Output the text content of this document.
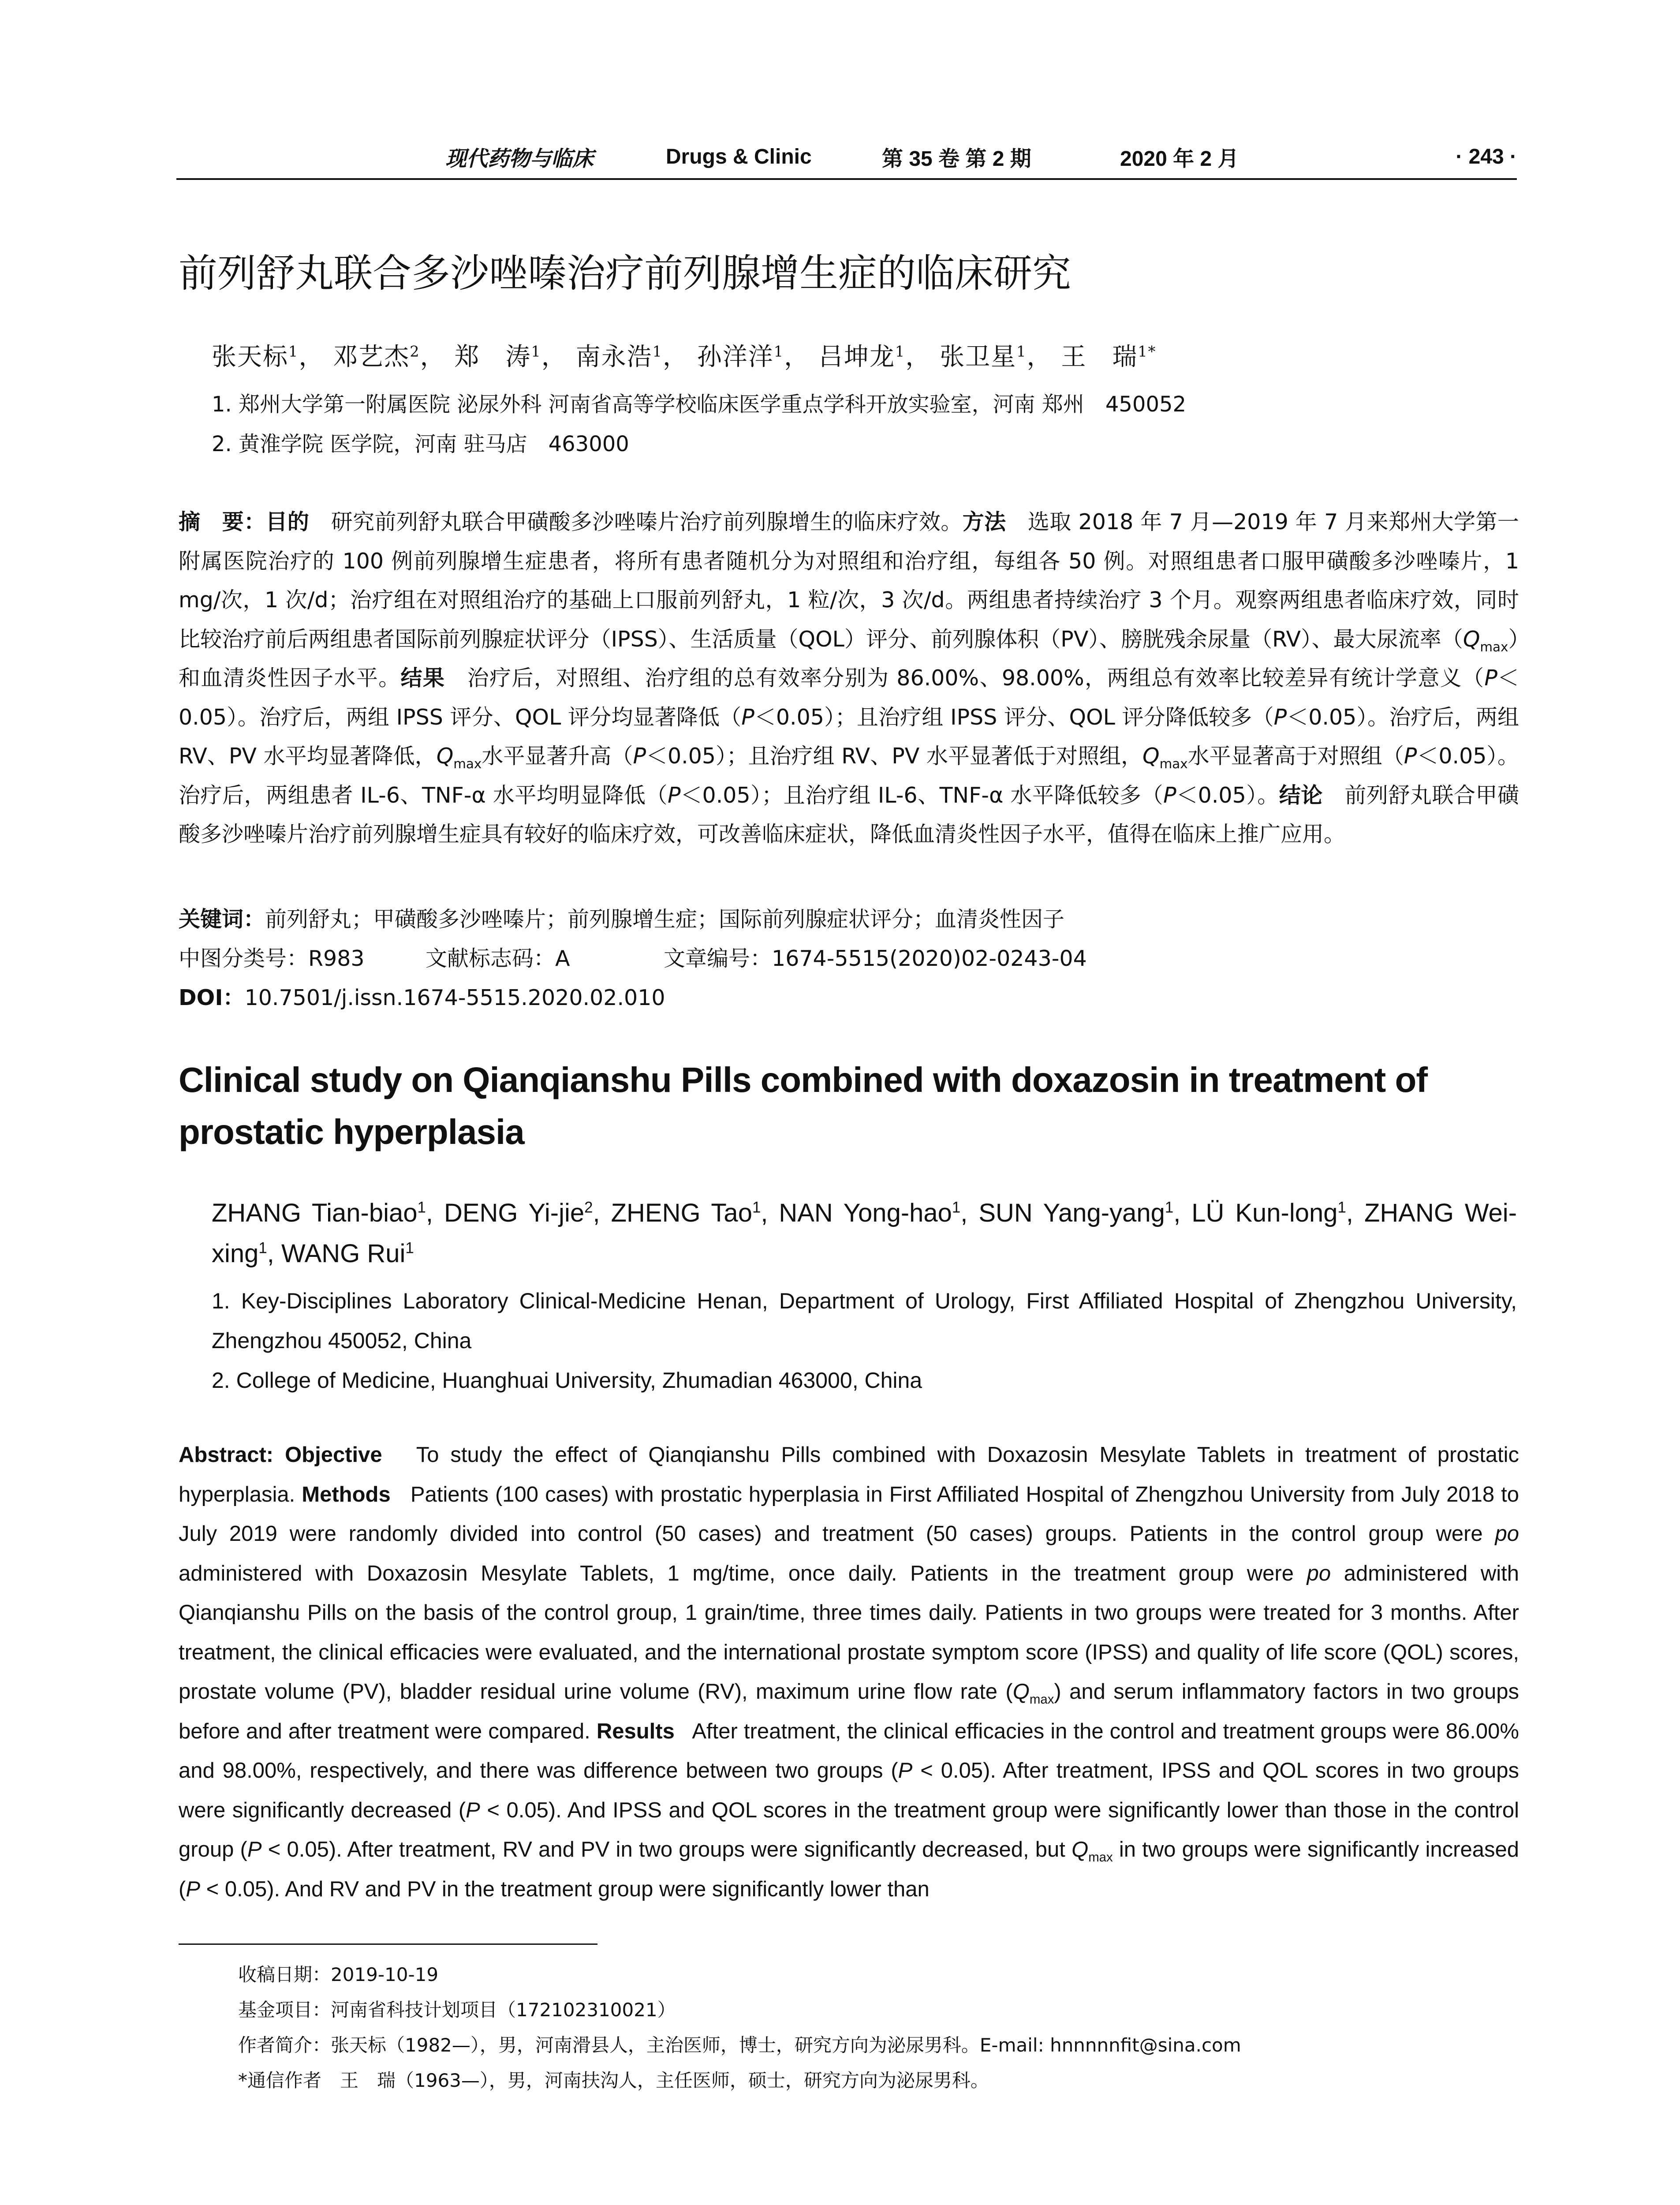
现代药物与临床	Drugs & Clinic	第 35 卷 第 2 期	2020 年 2 月	· 243 ·
前列舒丸联合多沙唑嗪治疗前列腺增生症的临床研究
张天标$^1$， 邓艺杰$^2$， 郑　涛$^1$， 南永浩$^1$， 孙洋洋$^1$， 吕坤龙$^1$， 张卫星$^1$， 王　瑞$^{1*}$
1. 郑州大学第一附属医院 泌尿外科 河南省高等学校临床医学重点学科开放实验室，河南 郑州　450052
2. 黄淮学院 医学院，河南 驻马店　463000
摘　要：目的　 研究前列舒丸联合甲磺酸多沙唑嗪片治疗前列腺增生的临床疗效。方法　 选取 2018 年 7 月—2019 年 7 月来郑州大学第一附属医院治疗的 100 例前列腺增生症患者，将所有患者随机分为对照组和治疗组，每组各 50 例。对照组患者口服甲磺酸多沙唑嗪片，1 mg/次，1 次/d；治疗组在对照组治疗的基础上口服前列舒丸，1 粒/次，3 次/d。两组患者持续治疗 3 个月。观察两组患者临床疗效，同时比较治疗前后两组患者国际前列腺症状评分（IPSS）、生活质量（QOL）评分、前列腺体积（PV）、膀胱残余尿量（RV）、最大尿流率$(Q_{max})$和血清炎性因子水平。结果　 治疗后，对照组、治疗组的总有效率分别为 86.00%、98.00%，两组总有效率比较差异有统计学意义（P＜0.05）。治疗后，两组 IPSS 评分、QOL 评分均显著降低（P＜0.05）；且治疗组 IPSS 评分、QOL 评分降低较多（P＜0.05）。治疗后，两组 RV、PV 水平均显著降低，$Q_{max}$水平显著升高（P＜0.05）；且治疗组 RV、PV 水平显著低于对照组，$Q_{max}$水平显著高于对照组（P＜0.05）。治疗后，两组患者 IL-6、TNF-α 水平均明显降低（P＜0.05）；且治疗组 IL-6、TNF-α 水平降低较多（P＜0.05）。结论　 前列舒丸联合甲磺酸多沙唑嗪片治疗前列腺增生症具有较好的临床疗效，可改善临床症状，降低血清炎性因子水平，值得在临床上推广应用。
关键词：前列舒丸；甲磺酸多沙唑嗪片；前列腺增生症；国际前列腺症状评分；血清炎性因子
中图分类号：R983	文献标志码：A	文章编号：1674-5515(2020)02-0243-04
DOI：10.7501/j.issn.1674-5515.2020.02.010
Clinical study on Qianqianshu Pills combined with doxazosin in treatment of prostatic hyperplasia
ZHANG Tian-biao$^1$, DENG Yi-jie$^2$, ZHENG Tao$^1$, NAN Yong-hao$^1$, SUN Yang-yang$^1$, LÜ Kun-long$^1$, ZHANG Wei-xing$^1$, WANG Rui$^1$
1. Key-Disciplines Laboratory Clinical-Medicine Henan, Department of Urology, First Affiliated Hospital of Zhengzhou University, Zhengzhou 450052, China
2. College of Medicine, Huanghuai University, Zhumadian 463000, China
Abstract: Objective To study the effect of Qianqianshu Pills combined with Doxazosin Mesylate Tablets in treatment of prostatic hyperplasia. Methods Patients (100 cases) with prostatic hyperplasia in First Affiliated Hospital of Zhengzhou University from July 2018 to July 2019 were randomly divided into control (50 cases) and treatment (50 cases) groups. Patients in the control group were po administered with Doxazosin Mesylate Tablets, 1 mg/time, once daily. Patients in the treatment group were po administered with Qianqianshu Pills on the basis of the control group, 1 grain/time, three times daily. Patients in two groups were treated for 3 months. After treatment, the clinical efficacies were evaluated, and the international prostate symptom score (IPSS) and quality of life score (QOL) scores, prostate volume (PV), bladder residual urine volume (RV), maximum urine flow rate $(Q_{max})$ and serum inflammatory factors in two groups before and after treatment were compared. Results After treatment, the clinical efficacies in the control and treatment groups were 86.00% and 98.00%, respectively, and there was difference between two groups (P < 0.05). After treatment, IPSS and QOL scores in two groups were significantly decreased (P < 0.05). And IPSS and QOL scores in the treatment group were significantly lower than those in the control group (P < 0.05). After treatment, RV and PV in two groups were significantly decreased, but $Q_{max}$ in two groups were significantly increased (P < 0.05). And RV and PV in the treatment group were significantly lower than
收稿日期：2019-10-19
基金项目：河南省科技计划项目（172102310021）
作者简介：张天标（1982—），男，河南滑县人，主治医师，博士，研究方向为泌尿男科。E-mail: hnnnnnfit@sina.com
*通信作者　王　瑞（1963—），男，河南扶沟人，主任医师，硕士，研究方向为泌尿男科。
